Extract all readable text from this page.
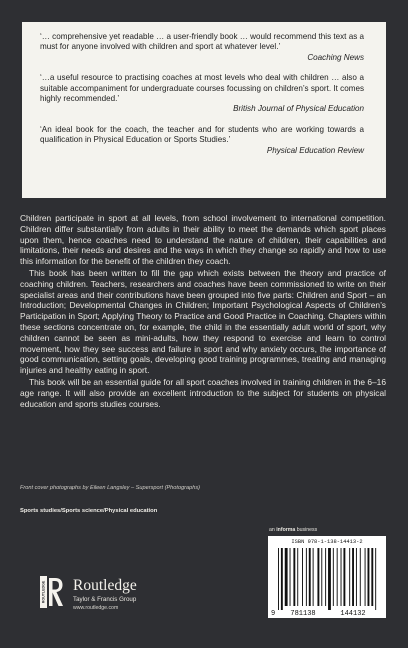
‘… comprehensive yet readable … a user-friendly book … would recommend this text as a must for anyone involved with children and sport at whatever level.’
Coaching News
‘…a useful resource to practising coaches at most levels who deal with children … also a suitable accompaniment for undergraduate courses focussing on children’s sport. It comes highly recommended.’
British Journal of Physical Education
‘An ideal book for the coach, the teacher and for students who are working towards a qualification in Physical Education or Sports Studies.’
Physical Education Review

Children participate in sport at all levels, from school involvement to international competition. Children differ substantially from adults in their ability to meet the demands which sport places upon them, hence coaches need to understand the nature of children, their capabilities and limitations, their needs and desires and the ways in which they change so rapidly and how to use this information for the benefit of the children they coach.

This book has been written to fill the gap which exists between the theory and practice of coaching children. Teachers, researchers and coaches have been commissioned to write on their specialist areas and their contributions have been grouped into five parts: Children and Sport – an Introduction; Developmental Changes in Children; Important Psychological Aspects of Children’s Participation in Sport; Applying Theory to Practice and Good Practice in Coaching. Chapters within these sections concentrate on, for example, the child in the essentially adult world of sport, why children cannot be seen as mini-adults, how they respond to exercise and learn to control movement, how they see success and failure in sport and why anxiety occurs, the importance of good communication, setting goals, developing good training programmes, treating and managing injuries and healthy eating in sport.

This book will be an essential guide for all sport coaches involved in training children in the 6–16 age range. It will also provide an excellent introduction to the subject for students on physical education and sports studies courses.

Front cover photographs by Eileen Langsley – Supersport (Photographs)
Sports studies/Sports science/Physical education
ROUTLEDGE Routledge
Taylor & Francis Group
www.routledge.com
an informa business
ISBN 978-1-138-14413-2
9 781138	144132
